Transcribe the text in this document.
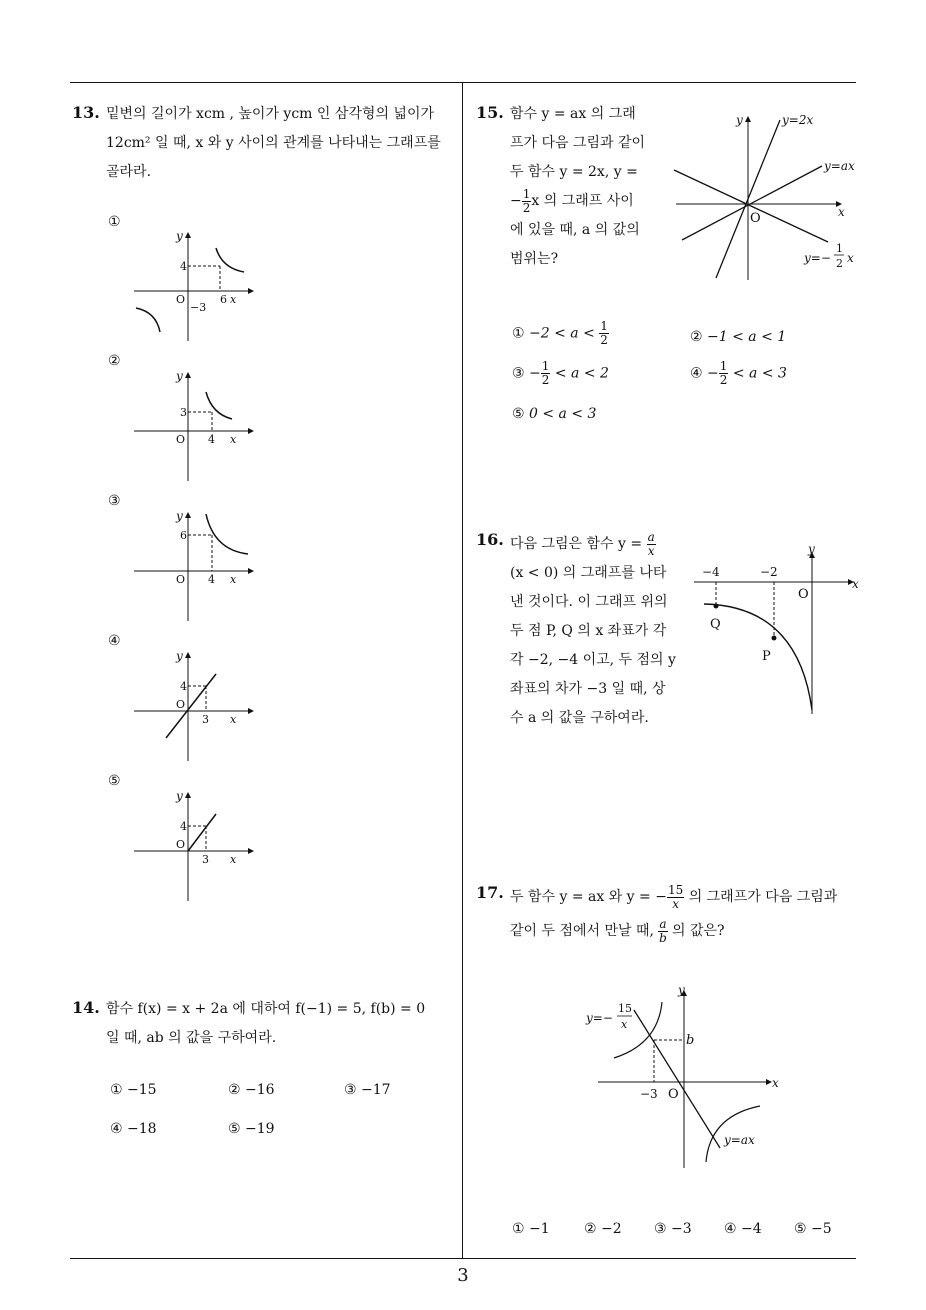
13. 밑변의 길이가 xcm , 높이가 ycm 인 삼각형의 넓이가
12cm² 일 때, x 와 y 사이의 관계를 나타내는 그래프를
골라라.
①
②
③
④
⑤
y
4
O
−3
6 x
y
3
O 4 x
y
6
O 4 x
y
4
O
3 x
y
4
O
3 x
14. 함수 f(x) = x + 2a 에 대하여 f(−1) = 5, f(b) = 0
일 때, ab 의 값을 구하여라.
① −15	② −16	③ −17
④ −18	⑤ −19
15. 함수 y = ax 의 그래
프가 다음 그림과 같이
두 함수 y = 2x, y =
− $\frac{1}{2}$ x 의 그래프 사이
에 있을 때, a 의 값의
범위는?
y	y=2x
y=ax
x
O
y=−
1
2 x
① $-2 < a < \frac{1}{2}$	② −1 < a < 1
③ − $\frac{1}{2} < a < 2$	④ − $\frac{1}{2} < a < 3$
⑤ 0 < a < 3
16. 다음 그림은 함수 $y = \frac{a}{x}$
(x < 0) 의 그래프를 나타
낸 것이다. 이 그래프 위의
두 점 P, Q 의 x 좌표가 각
각 −2, −4 이고, 두 점의 y
좌표의 차가 −3 일 때, 상
수 a 의 값을 구하여라.
y
x
O
−4	−2
Q
P
17. 두 함수 y = ax 와 y = − $\frac{15}{x}$ 의 그래프가 다음 그림과
같이 두 점에서 만날 때, $\frac{a}{b}$ 의 값은?
y
x
O
−3
b
y=−
15
x
y=ax
① −1 ② −2 ③ −3 ④ −4 ⑤ −5
3
